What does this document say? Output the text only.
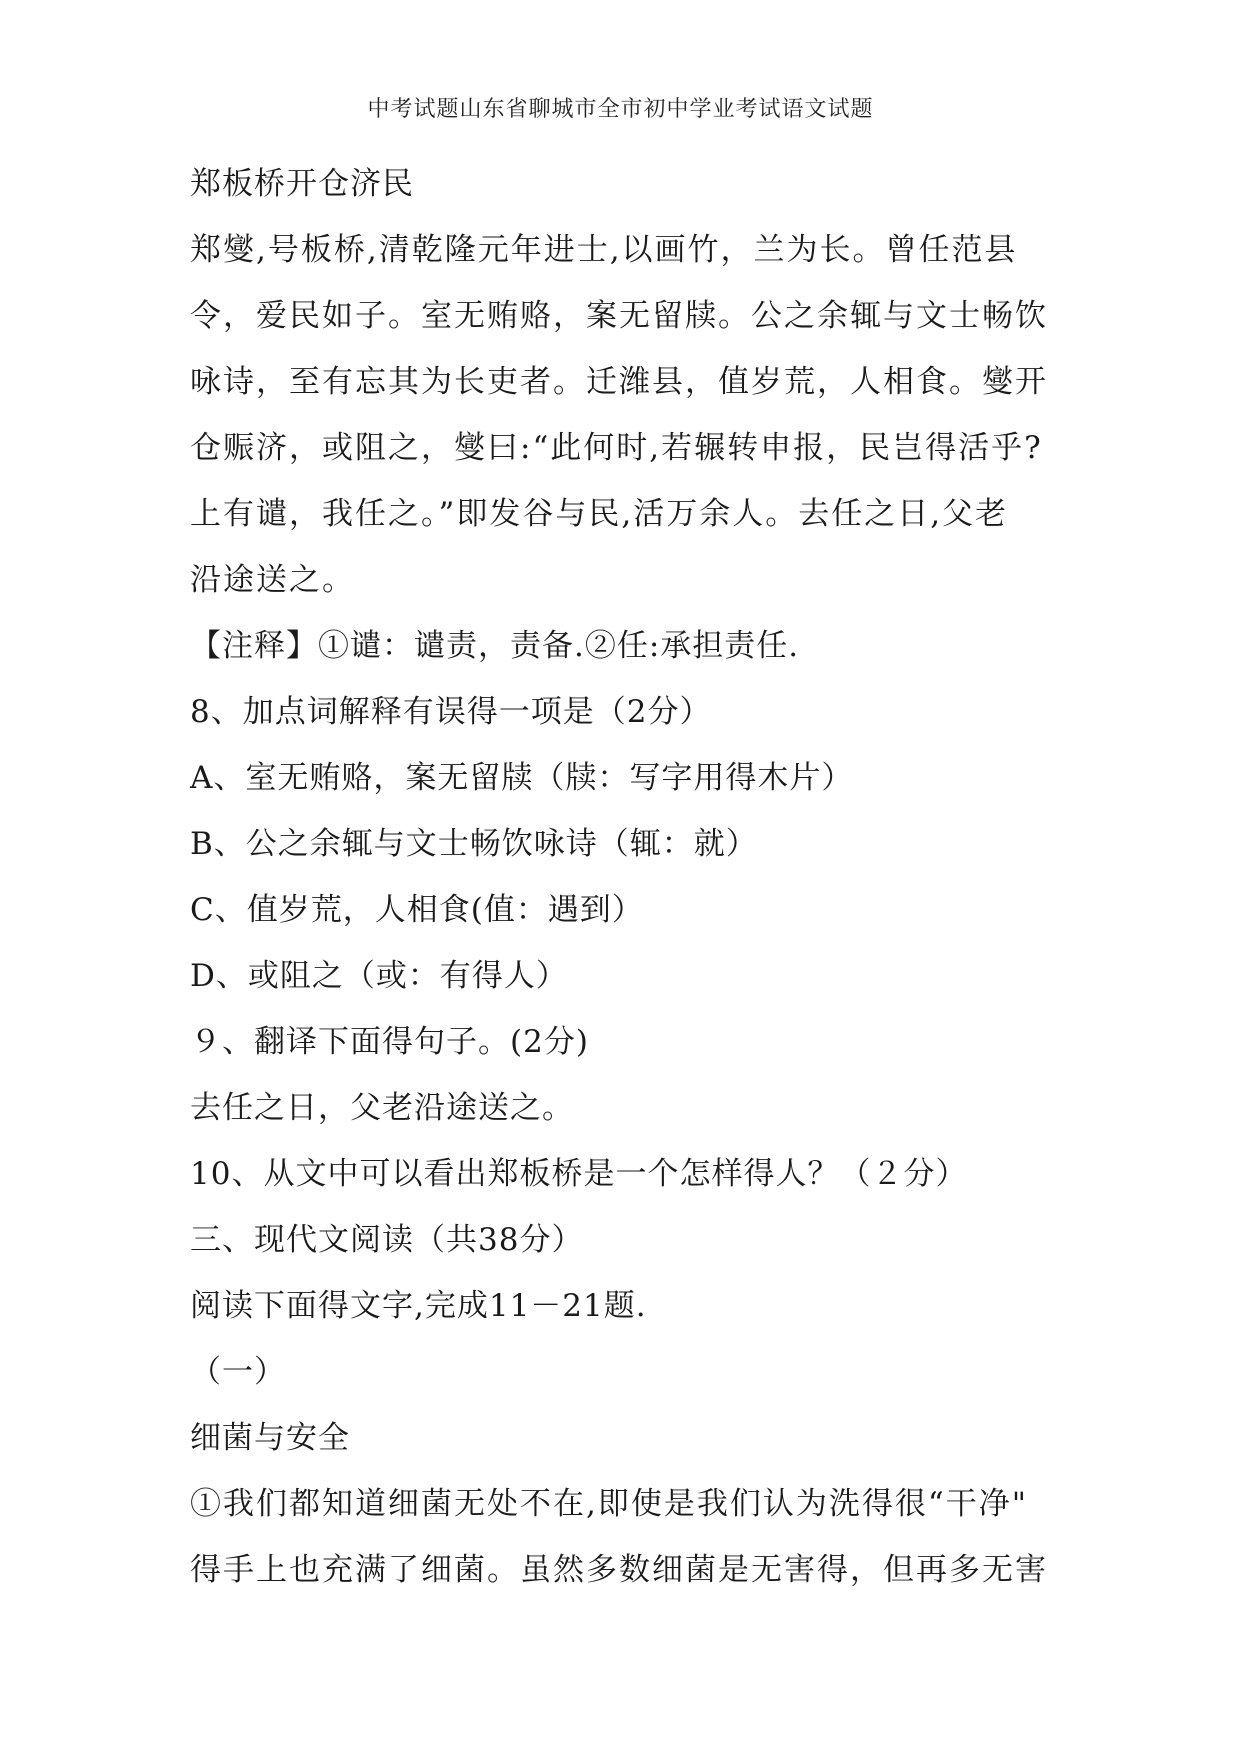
中考试题山东省聊城市全市初中学业考试语文试题
郑板桥开仓济民
郑燮,号板桥,清乾隆元年进士,以画竹，兰为长。曾任范县
令，爱民如子。室无贿赂，案无留牍。公之余辄与文士畅饮
咏诗，至有忘其为长吏者。迁潍县，值岁荒，人相食。燮开
仓赈济，或阻之，燮曰:“此何时,若辗转申报，民岂得活乎?
上有谴，我任之。”即发谷与民,活万余人。去任之日,父老
沿途送之。
【注释】①谴：谴责，责备.②任:承担责任.
8、加点词解释有误得一项是（2分）
A、室无贿赂，案无留牍（牍：写字用得木片）
B、公之余辄与文士畅饮咏诗（辄：就）
C、值岁荒，人相食(值：遇到）
D、或阻之（或：有得人）
９、翻译下面得句子。(2分)
去任之日，父老沿途送之。
10、从文中可以看出郑板桥是一个怎样得人？（２分）
三、现代文阅读（共38分）
阅读下面得文字,完成11－21题.
（一）
细菌与安全
①我们都知道细菌无处不在,即使是我们认为洗得很“干净"
得手上也充满了细菌。虽然多数细菌是无害得，但再多无害
